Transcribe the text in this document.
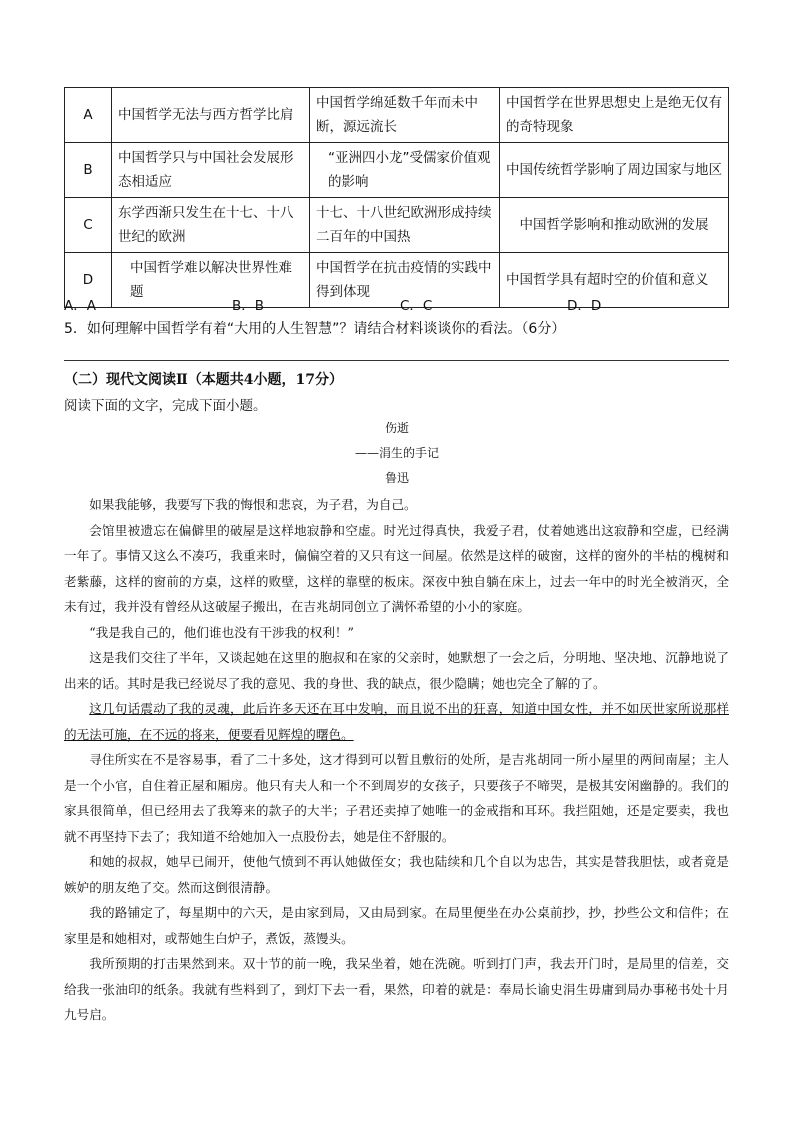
A	中国哲学无法与西方哲学比肩	中国哲学绵延数千年而未中断，源远流长	中国哲学在世界思想史上是绝无仅有的奇特现象
B	中国哲学只与中国社会发展形态相适应	“亚洲四小龙”受儒家价值观的影响	中国传统哲学影响了周边国家与地区
C	东学西渐只发生在十七、十八世纪的欧洲	十七、十八世纪欧洲形成持续二百年的中国热	中国哲学影响和推动欧洲的发展
D	中国哲学难以解决世界性难题	中国哲学在抗击疫情的实践中得到体现	中国哲学具有超时空的价值和意义
A．A	B．B	C．C	D．D
5．如何理解中国哲学有着“大用的人生智慧”？请结合材料谈谈你的看法。（6分）
（二）现代文阅读Ⅱ（本题共4小题，17分）
阅读下面的文字，完成下面小题。
伤逝
——涓生的手记
鲁迅

如果我能够，我要写下我的悔恨和悲哀，为子君，为自己。

会馆里被遗忘在偏僻里的破屋是这样地寂静和空虚。时光过得真快，我爱子君，仗着她逃出这寂静和空虚，已经满一年了。事情又这么不凑巧，我重来时，偏偏空着的又只有这一间屋。依然是这样的破窗，这样的窗外的半枯的槐树和老紫藤，这样的窗前的方桌，这样的败壁，这样的靠壁的板床。深夜中独自躺在床上，过去一年中的时光全被消灭，全未有过，我并没有曾经从这破屋子搬出，在吉兆胡同创立了满怀希望的小小的家庭。

“我是我自己的，他们谁也没有干涉我的权利！”

这是我们交往了半年，又谈起她在这里的胞叔和在家的父亲时，她默想了一会之后，分明地、坚决地、沉静地说了出来的话。其时是我已经说尽了我的意见、我的身世、我的缺点，很少隐瞒；她也完全了解的了。

这几句话震动了我的灵魂，此后许多天还在耳中发响，而且说不出的狂喜，知道中国女性，并不如厌世家所说那样的无法可施，在不远的将来，便要看见辉煌的曙色。

寻住所实在不是容易事，看了二十多处，这才得到可以暂且敷衍的处所，是吉兆胡同一所小屋里的两间南屋；主人是一个小官，自住着正屋和厢房。他只有夫人和一个不到周岁的女孩子，只要孩子不啼哭，是极其安闲幽静的。我们的家具很简单，但已经用去了我筹来的款子的大半；子君还卖掉了她唯一的金戒指和耳环。我拦阻她，还是定要卖，我也就不再坚持下去了；我知道不给她加入一点股份去，她是住不舒服的。

和她的叔叔，她早已闹开，使他气愤到不再认她做侄女；我也陆续和几个自以为忠告，其实是替我胆怯，或者竟是嫉妒的朋友绝了交。然而这倒很清静。

我的路铺定了，每星期中的六天，是由家到局，又由局到家。在局里便坐在办公桌前抄，抄，抄些公文和信件；在家里是和她相对，或帮她生白炉子，煮饭，蒸馒头。

我所预期的打击果然到来。双十节的前一晚，我呆坐着，她在洗碗。听到打门声，我去开门时，是局里的信差，交给我一张油印的纸条。我就有些料到了，到灯下去一看，果然，印着的就是：奉局长谕史涓生毋庸到局办事秘书处十月九号启。
